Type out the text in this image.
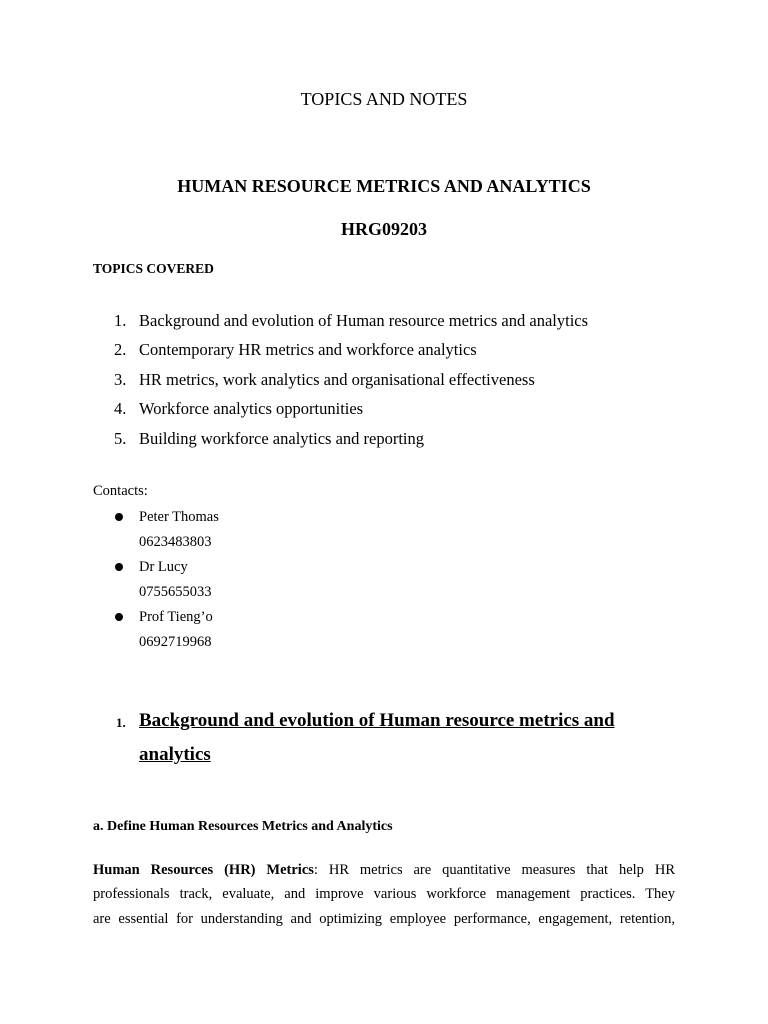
TOPICS AND NOTES

HUMAN RESOURCE METRICS AND ANALYTICS

HRG09203

TOPICS COVERED

1. Background and evolution of Human resource metrics and analytics
2. Contemporary HR metrics and workforce analytics
3. HR metrics, work analytics and organisational effectiveness
4. Workforce analytics opportunities
5. Building workforce analytics and reporting

Contacts:

Peter Thomas

0623483803

Dr Lucy

0755655033

Prof Tieng’o

0692719968

1. Background and evolution of Human resource metrics and

analytics

a. Define Human Resources Metrics and Analytics

Human Resources (HR) Metrics: HR metrics are quantitative measures that help HR

professionals track, evaluate, and improve various workforce management practices. They

are essential for understanding and optimizing employee performance, engagement, retention,
